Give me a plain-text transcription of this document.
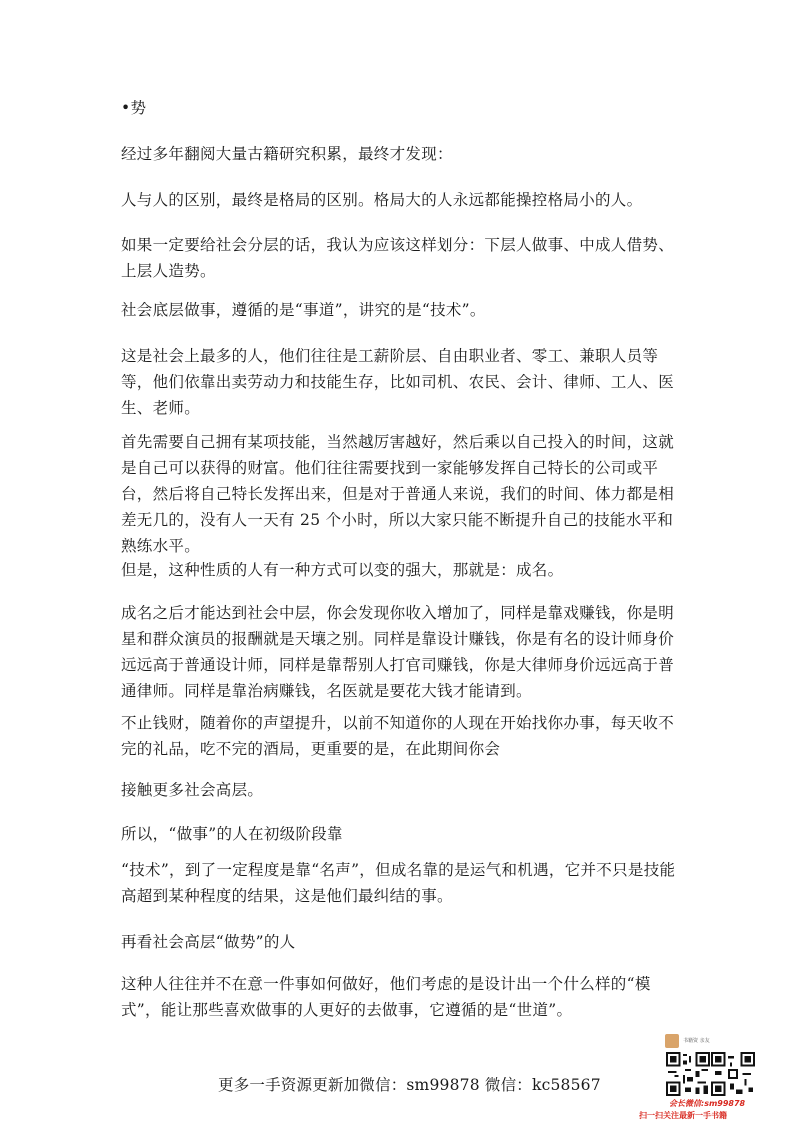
•势

经过多年翻阅大量古籍研究积累，最终才发现：

人与人的区别，最终是格局的区别。格局大的人永远都能操控格局小的人。

如果一定要给社会分层的话，我认为应该这样划分：下层人做事、中成人借势、上层人造势。

社会底层做事，遵循的是“事道”，讲究的是“技术”。

这是社会上最多的人，他们往往是工薪阶层、自由职业者、零工、兼职人员等等，他们依靠出卖劳动力和技能生存，比如司机、农民、会计、律师、工人、医生、老师。

首先需要自己拥有某项技能，当然越厉害越好，然后乘以自己投入的时间，这就是自己可以获得的财富。他们往往需要找到一家能够发挥自己特长的公司或平台，然后将自己特长发挥出来，但是对于普通人来说，我们的时间、体力都是相差无几的，没有人一天有 25 个小时，所以大家只能不断提升自己的技能水平和熟练水平。

但是，这种性质的人有一种方式可以变的强大，那就是：成名。

成名之后才能达到社会中层，你会发现你收入增加了，同样是靠戏赚钱，你是明星和群众演员的报酬就是天壤之别。同样是靠设计赚钱，你是有名的设计师身价远远高于普通设计师，同样是靠帮别人打官司赚钱，你是大律师身价远远高于普通律师。同样是靠治病赚钱，名医就是要花大钱才能请到。

不止钱财，随着你的声望提升，以前不知道你的人现在开始找你办事，每天收不完的礼品，吃不完的酒局，更重要的是，在此期间你会

接触更多社会高层。

所以，“做事”的人在初级阶段靠

“技术”，到了一定程度是靠“名声”，但成名靠的是运气和机遇，它并不只是技能高超到某种程度的结果，这是他们最纠结的事。

再看社会高层“做势”的人

这种人往往并不在意一件事如何做好，他们考虑的是设计出一个什么样的“模式”，能让那些喜欢做事的人更好的去做事，它遵循的是“世道”。

更多一手资源更新加微信：sm99878 微信：kc58567
书籍资 亲友
会长微信:sm99878
扫一扫关注最新一手书籍
